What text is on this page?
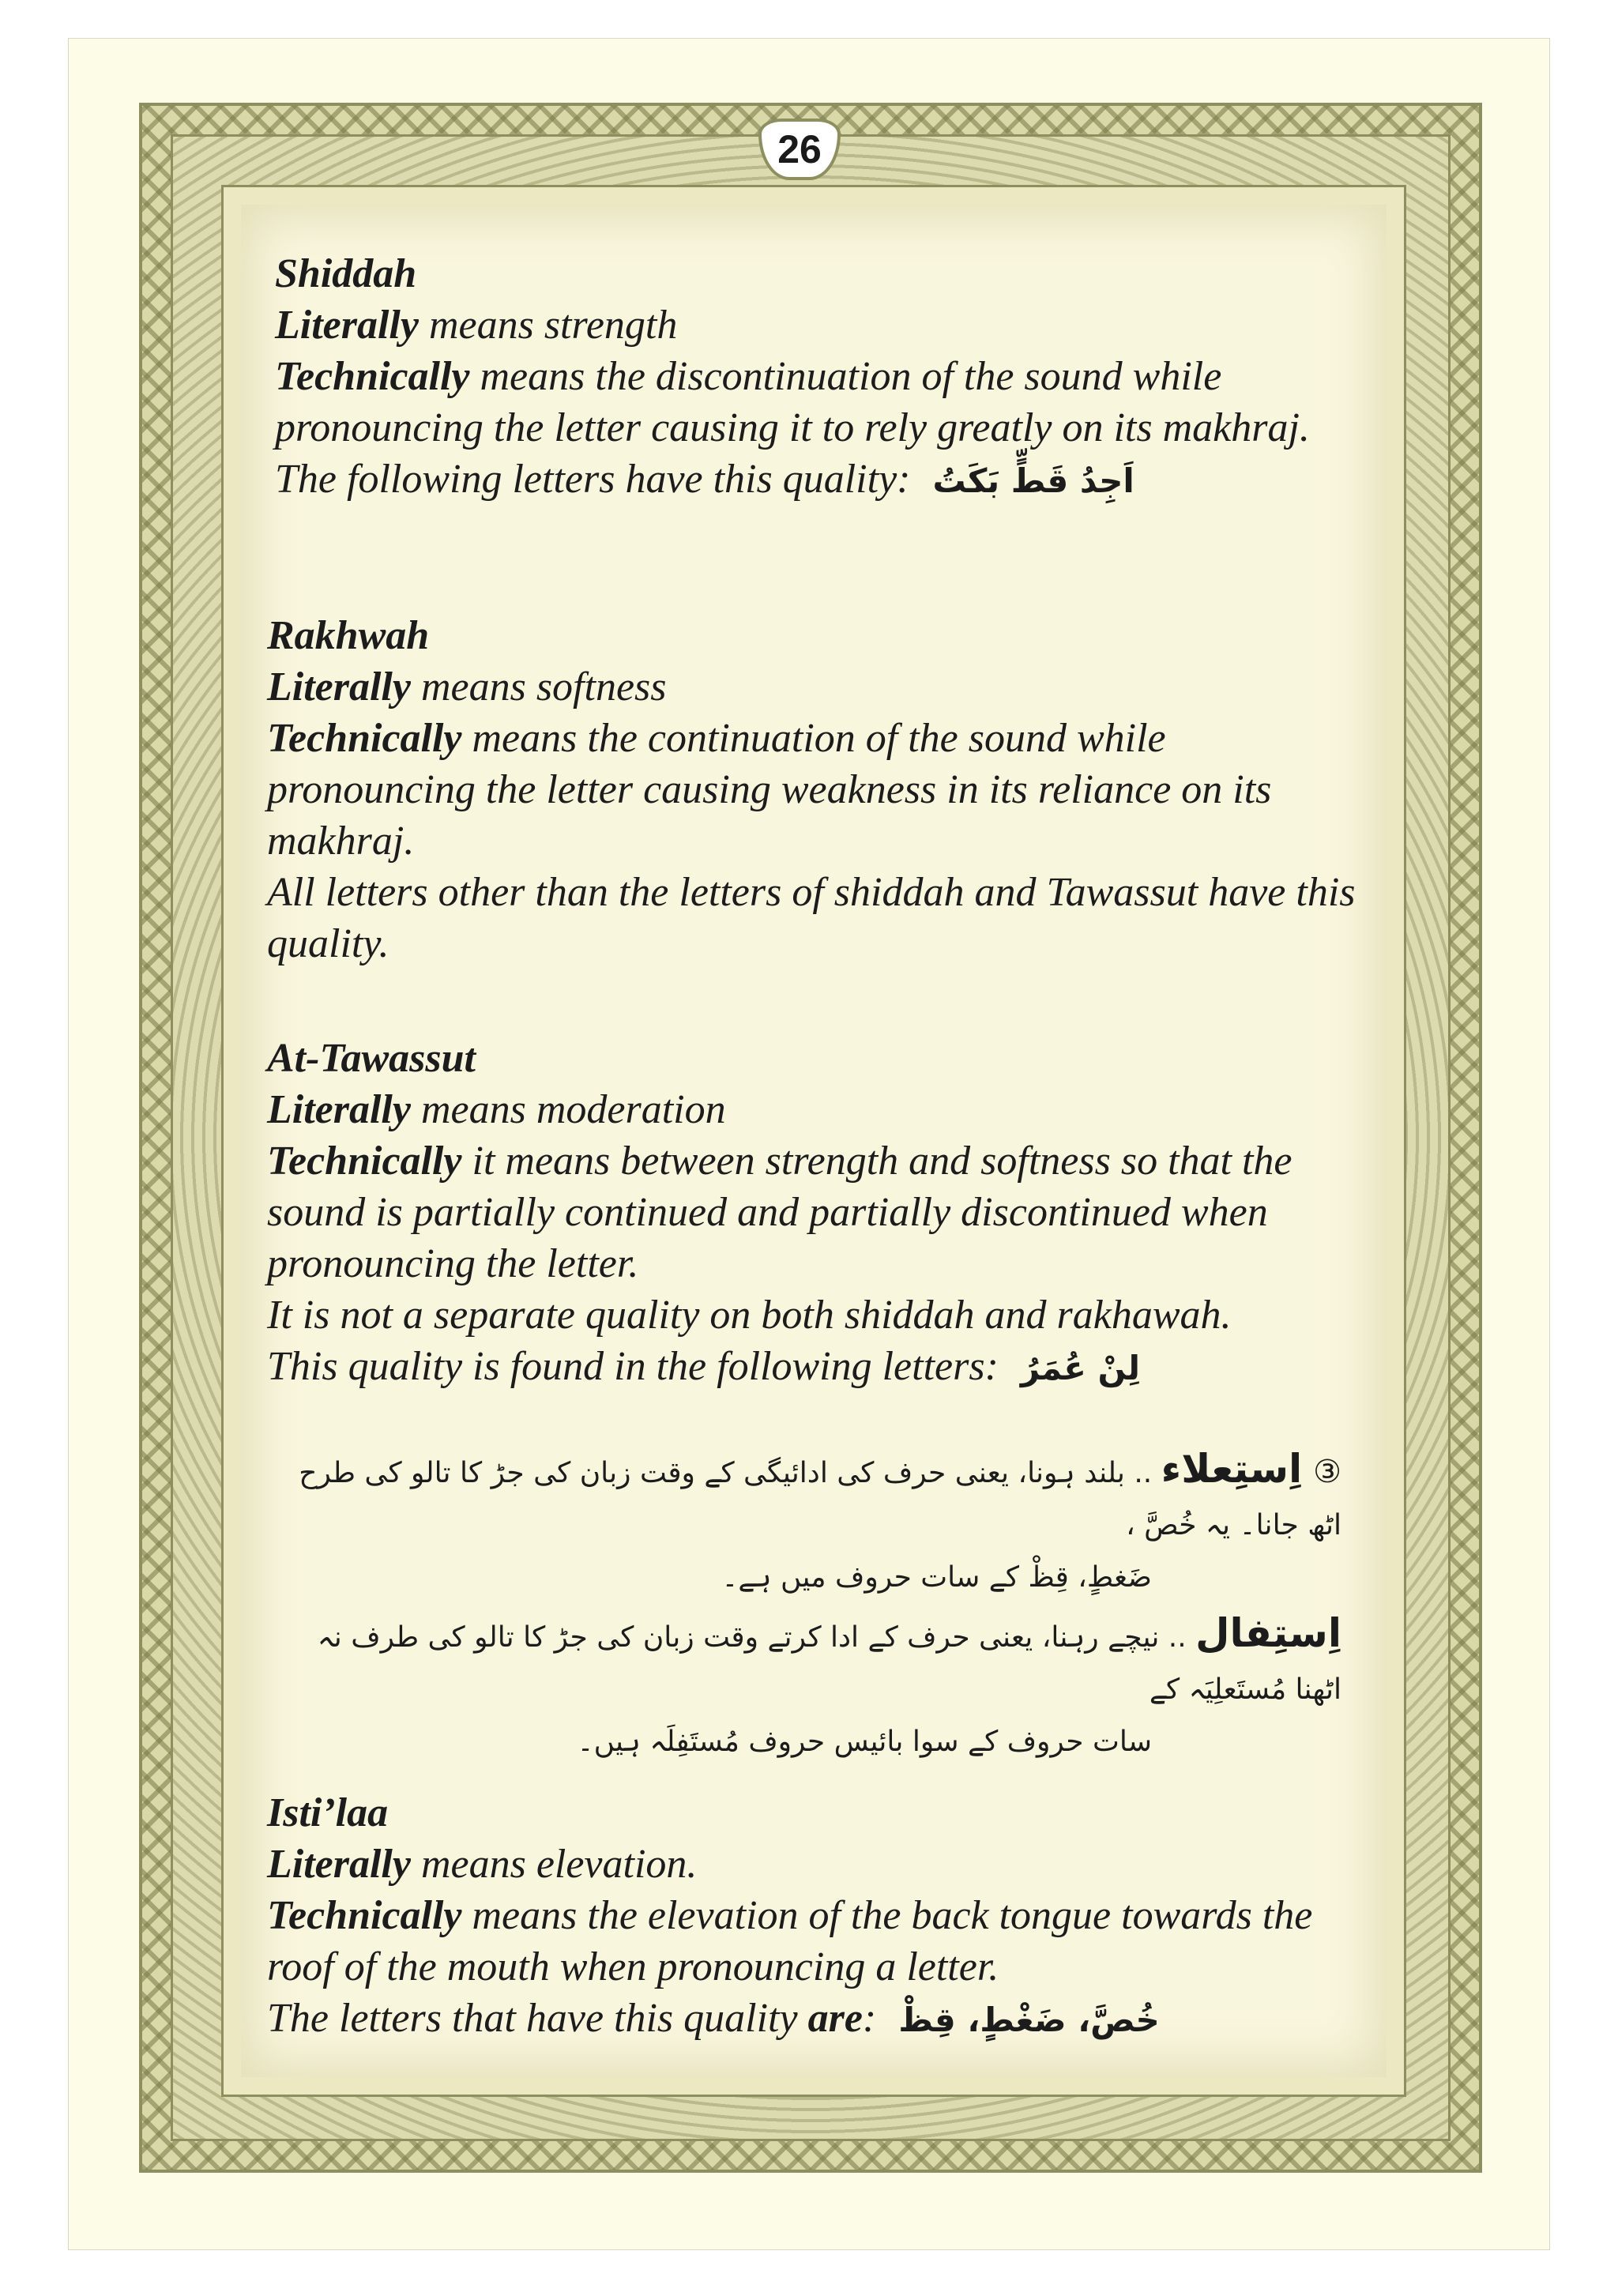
26

Shiddah

Literally means strength

Technically means the discontinuation of the sound while pronouncing the letter causing it to rely greatly on its makhraj.

The following letters have this quality: اَجِدُ قَطٍّ بَكَتُ

Rakhwah

Literally means softness

Technically means the continuation of the sound while pronouncing the letter causing weakness in its reliance on its makhraj.

All letters other than the letters of shiddah and Tawassut have this quality.

At-Tawassut

Literally means moderation

Technically it means between strength and softness so that the sound is partially continued and partially discontinued when pronouncing the letter.

It is not a separate quality on both shiddah and rakhawah.

This quality is found in the following letters: لِنْ عُمَرُ

③اِستِعلاء .. بلند ہونا، یعنی حرف کی ادائیگی کے وقت زبان کی جڑ کا تالو کی طرح اٹھ جانا۔ یہ خُصَّ ،

ضَغطٍ، قِظْ کے سات حروف میں ہے۔

اِستِفال .. نیچے رہنا، یعنی حرف کے ادا کرتے وقت زبان کی جڑ کا تالو کی طرف نہ اٹھنا مُستَعلِیَہ کے

سات حروف کے سوا بائیس حروف مُستَفِلَہ ہیں۔

Isti’laa

Literally means elevation.

Technically means the elevation of the back tongue towards the roof of the mouth when pronouncing a letter.

The letters that have this quality are: خُصَّ، ضَغْطٍ، قِظْ
